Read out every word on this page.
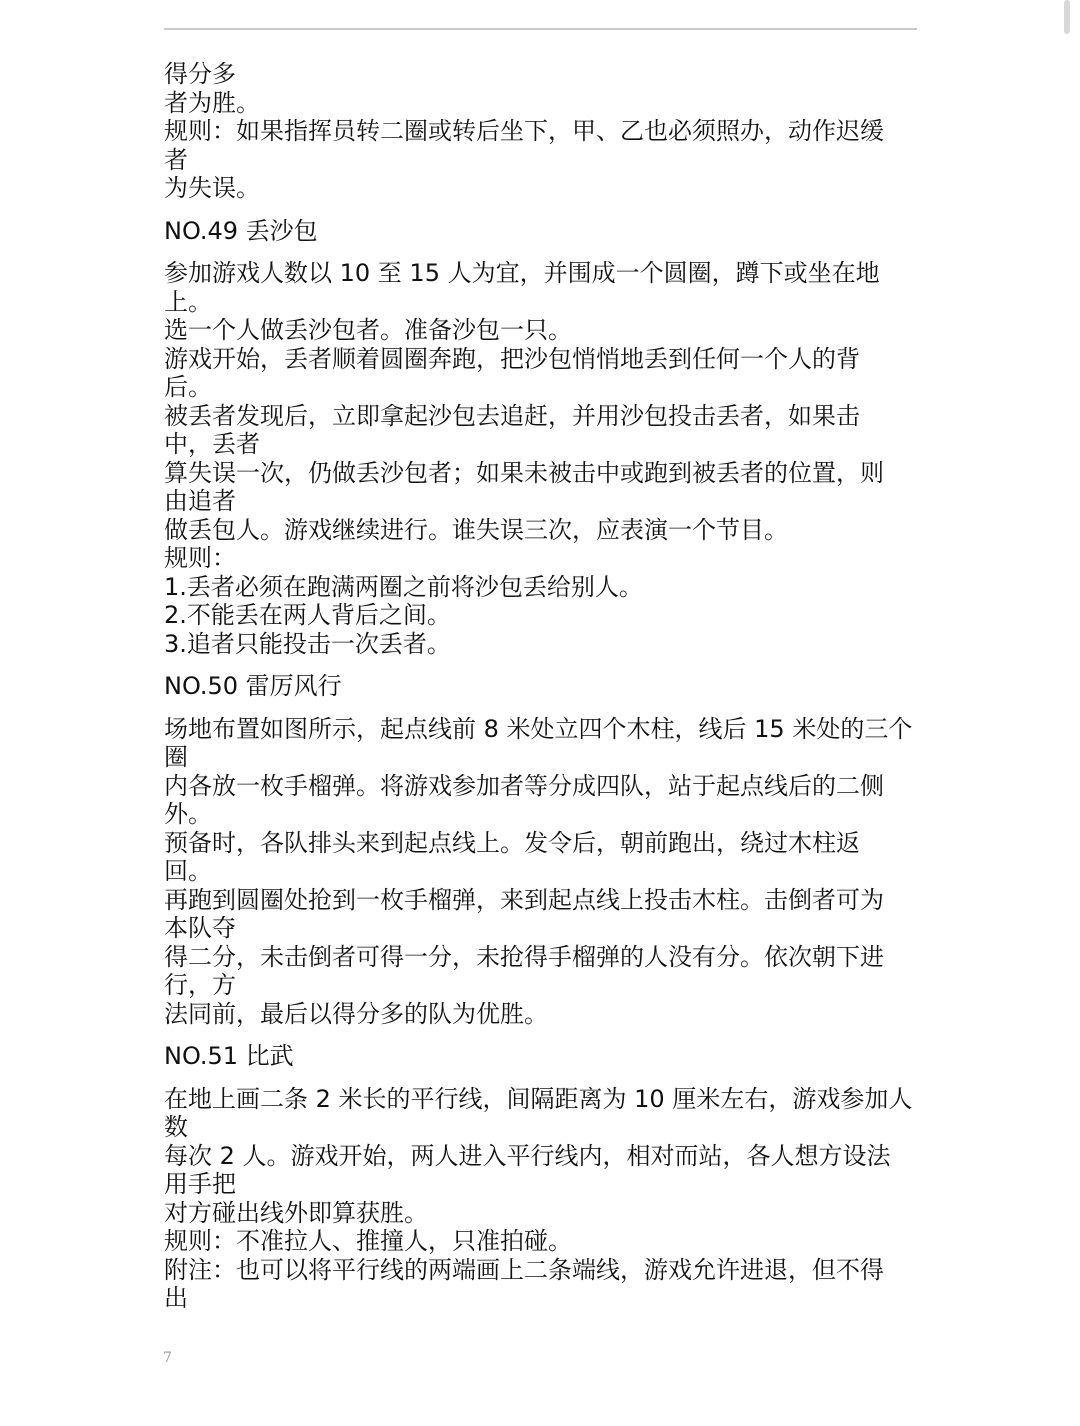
得分多
者为胜。
规则：如果指挥员转二圈或转后坐下，甲、乙也必须照办，动作迟缓
者
为失误。
NO.49 丢沙包
参加游戏人数以 10 至 15 人为宜，并围成一个圆圈，蹲下或坐在地
上。
选一个人做丢沙包者。准备沙包一只。
游戏开始，丢者顺着圆圈奔跑，把沙包悄悄地丢到任何一个人的背
后。
被丢者发现后，立即拿起沙包去追赶，并用沙包投击丢者，如果击
中，丢者
算失误一次，仍做丢沙包者；如果未被击中或跑到被丢者的位置，则
由追者
做丢包人。游戏继续进行。谁失误三次，应表演一个节目。
规则：
1.丢者必须在跑满两圈之前将沙包丢给别人。
2.不能丢在两人背后之间。
3.追者只能投击一次丢者。
NO.50 雷厉风行
场地布置如图所示，起点线前 8 米处立四个木柱，线后 15 米处的三个
圈
内各放一枚手榴弹。将游戏参加者等分成四队，站于起点线后的二侧
外。
预备时，各队排头来到起点线上。发令后，朝前跑出，绕过木柱返
回。
再跑到圆圈处抢到一枚手榴弹，来到起点线上投击木柱。击倒者可为
本队夺
得二分，未击倒者可得一分，未抢得手榴弹的人没有分。依次朝下进
行，方
法同前，最后以得分多的队为优胜。
NO.51 比武
在地上画二条 2 米长的平行线，间隔距离为 10 厘米左右，游戏参加人
数
每次 2 人。游戏开始，两人进入平行线内，相对而站，各人想方设法
用手把
对方碰出线外即算获胜。
规则：不准拉人、推撞人，只准拍碰。
附注：也可以将平行线的两端画上二条端线，游戏允许进退，但不得
出
7
